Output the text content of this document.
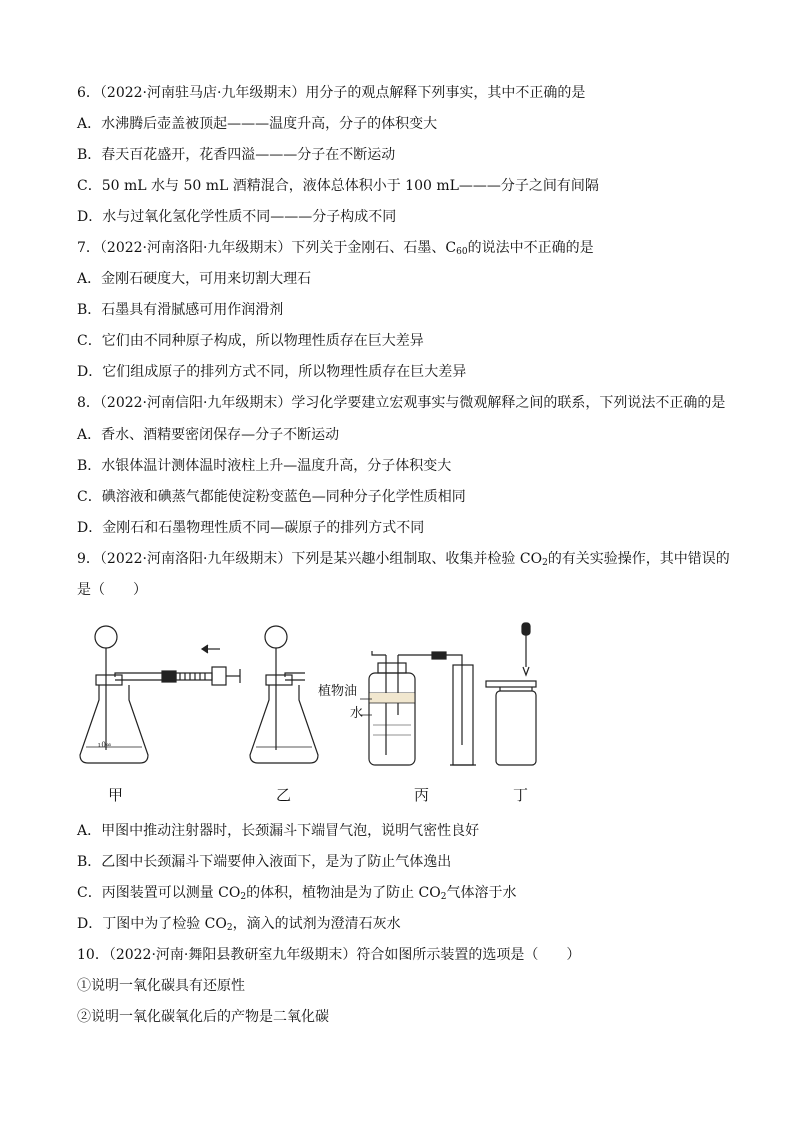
6．（2022·河南驻马店·九年级期末）用分子的观点解释下列事实，其中不正确的是
A．水沸腾后壶盖被顶起———温度升高，分子的体积变大
B．春天百花盛开，花香四溢———分子在不断运动
C．50 mL 水与 50 mL 酒精混合，液体总体积小于 100 mL———分子之间有间隔
D．水与过氧化氢化学性质不同———分子构成不同
7．（2022·河南洛阳·九年级期末）下列关于金刚石、石墨、$C_{60}$的说法中不正确的是
A．金刚石硬度大，可用来切割大理石
B．石墨具有滑腻感可用作润滑剂
C．它们由不同种原子构成，所以物理性质存在巨大差异
D．它们组成原子的排列方式不同，所以物理性质存在巨大差异
8．（2022·河南信阳·九年级期末）学习化学要建立宏观事实与微观解释之间的联系，下列说法不正确的是
A．香水、酒精要密闭保存—分子不断运动
B．水银体温计测体温时液柱上升—温度升高，分子体积变大
C．碘溶液和碘蒸气都能使淀粉变蓝色—同种分子化学性质相同
D．金刚石和石墨物理性质不同—碳原子的排列方式不同
9．（2022·河南洛阳·九年级期末）下列是某兴趣小组制取、收集并检验 $CO_2$的有关实验操作，其中错误的
是（　　）
ւ0∞
植物油
水
甲	乙	丙	丁
A．甲图中推动注射器时，长颈漏斗下端冒气泡，说明气密性良好
B．乙图中长颈漏斗下端要伸入液面下，是为了防止气体逸出
C．丙图装置可以测量 $CO_2$的体积，植物油是为了防止 $CO_2$气体溶于水
D．丁图中为了检验 $CO_2$，滴入的试剂为澄清石灰水
10．（2022·河南·舞阳县教研室九年级期末）符合如图所示装置的选项是（　　）
①说明一氧化碳具有还原性
②说明一氧化碳氧化后的产物是二氧化碳
